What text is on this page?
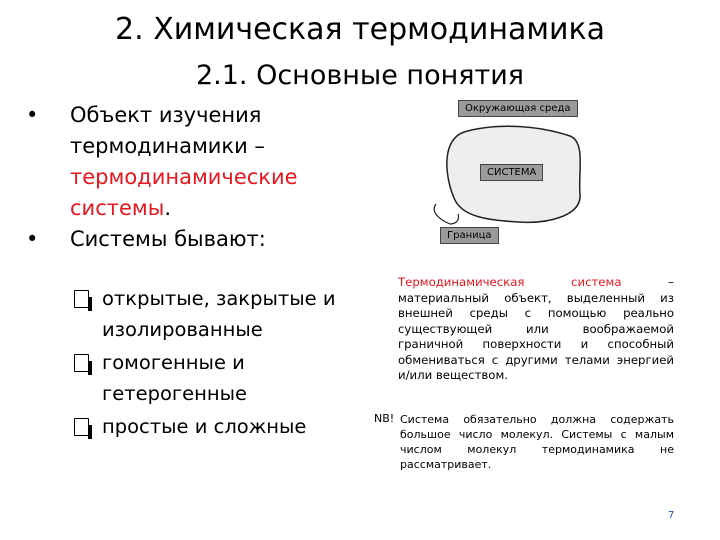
2. Химическая термодинамика
2.1. Основные понятия
• Объект изучения термодинамики – термодинамические системы.
• Системы бывают:
открытые, закрытые и изолированные
гомогенные и гетерогенные
простые и сложные
Окружающая среда
СИСТЕМА
Граница
Термодинамическая система – материальный объект, выделенный из внешней среды с помощью реально существующей или воображаемой граничной поверхности и способный обмениваться с другими телами энергией и/или веществом.
NB! Система обязательно должна содержать большое число молекул. Системы с малым числом молекул термодинамика не рассматривает.
7
